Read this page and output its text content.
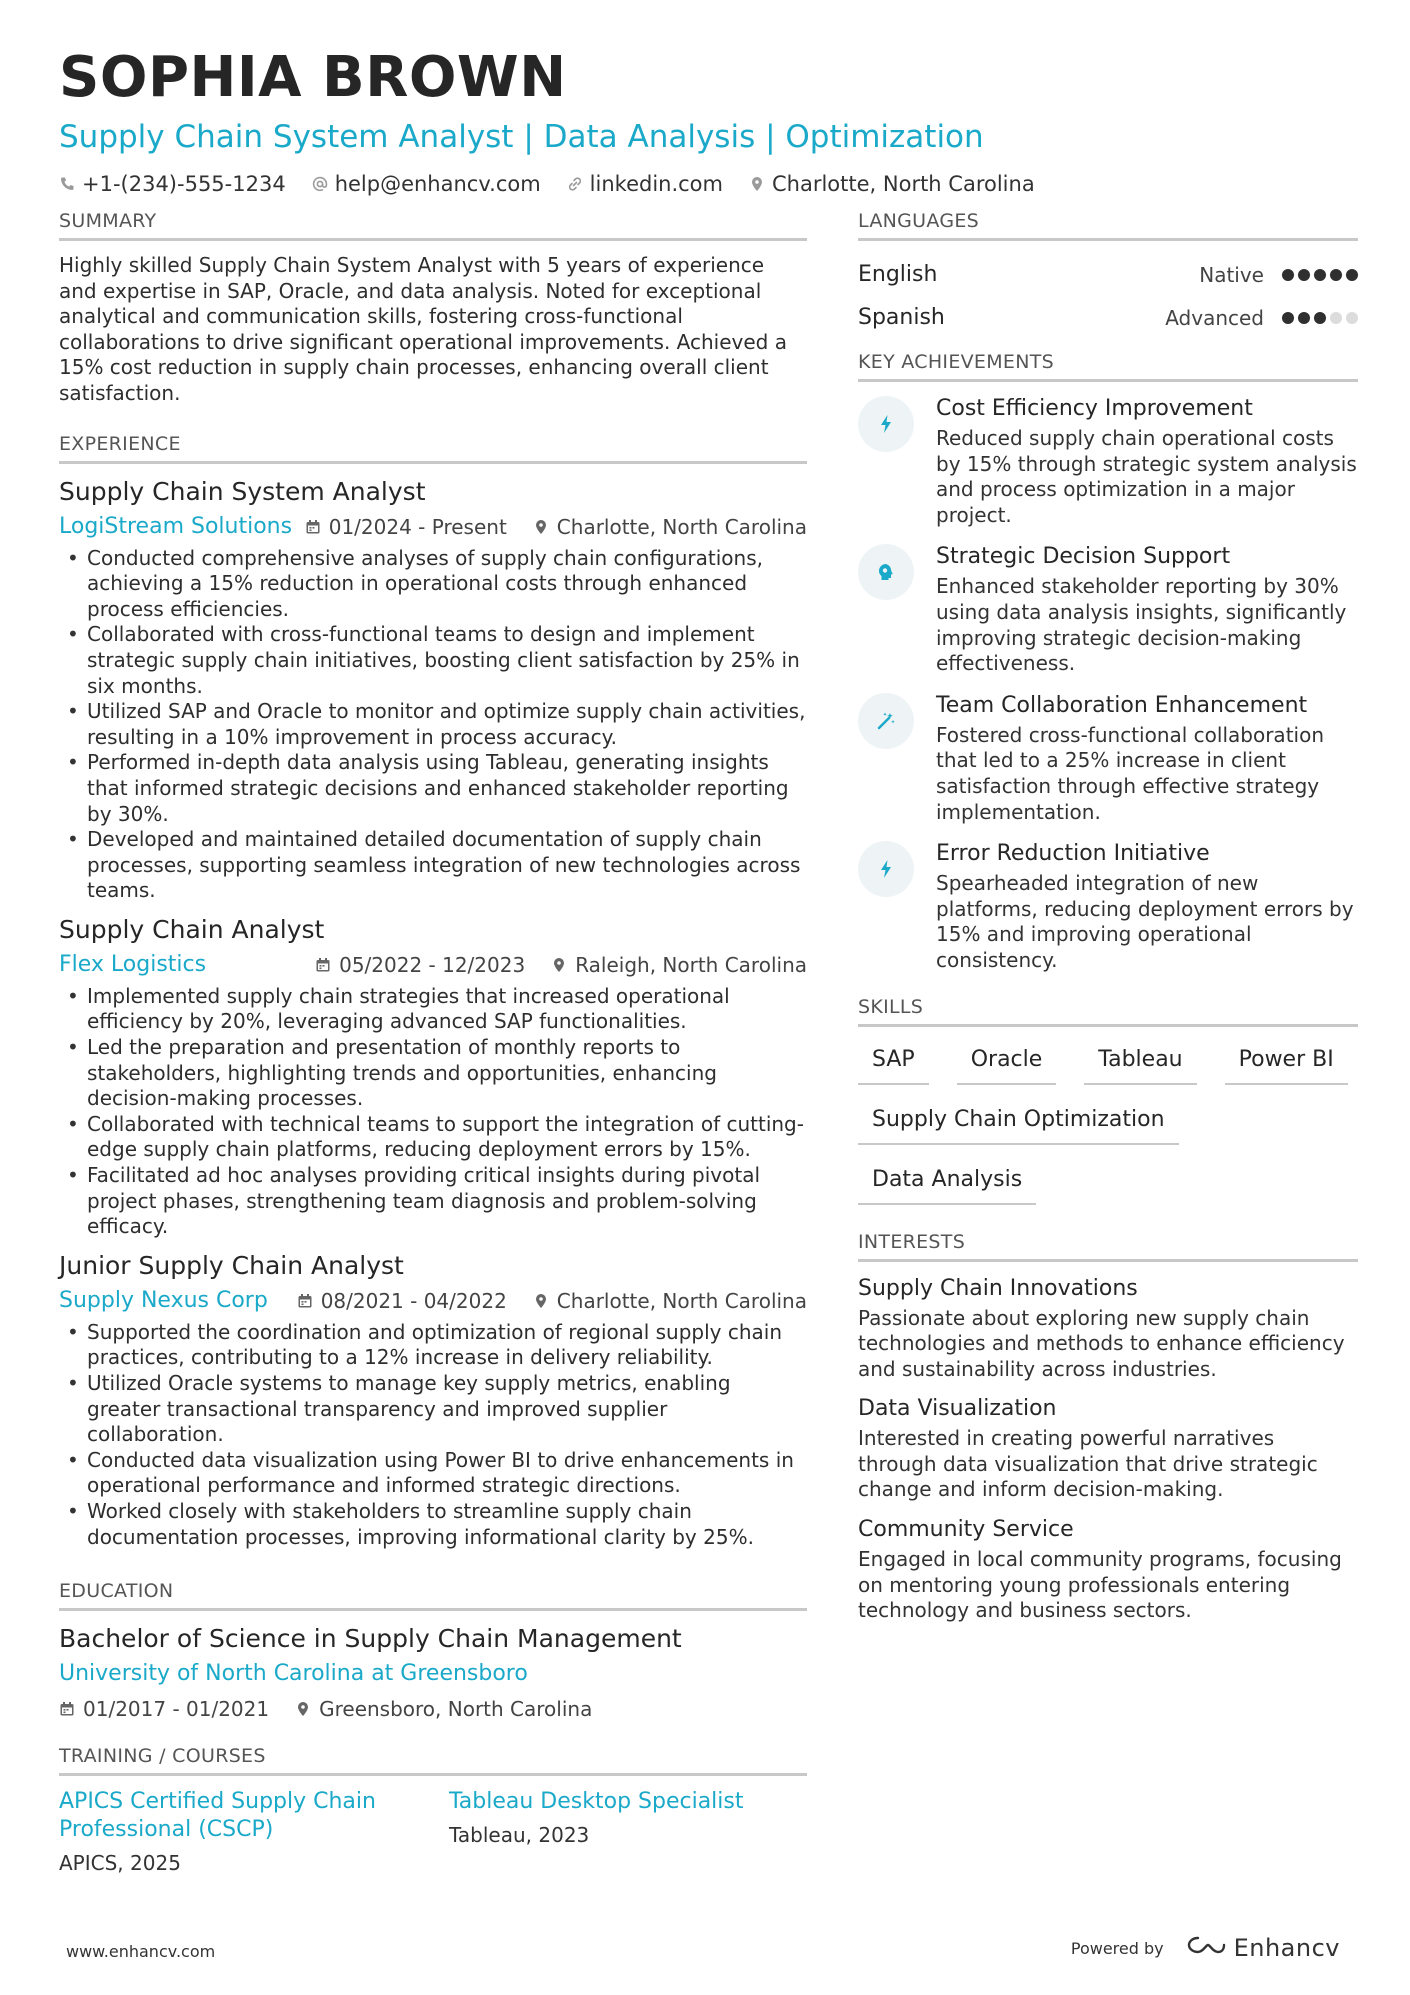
SOPHIA BROWN
Supply Chain System Analyst | Data Analysis | Optimization
+1-(234)-555-1234 help@enhancv.com linkedin.com Charlotte, North Carolina
SUMMARY
Highly skilled Supply Chain System Analyst with 5 years of experience and expertise in SAP, Oracle, and data analysis. Noted for exceptional analytical and communication skills, fostering cross-functional collaborations to drive significant operational improvements. Achieved a 15% cost reduction in supply chain processes, enhancing overall client satisfaction.
EXPERIENCE
Supply Chain System Analyst
LogiStream Solutions 01/2024 - Present	Charlotte, North Carolina
• Conducted comprehensive analyses of supply chain configurations, achieving a 15% reduction in operational costs through enhanced process efficiencies.
• Collaborated with cross-functional teams to design and implement strategic supply chain initiatives, boosting client satisfaction by 25% in six months.
• Utilized SAP and Oracle to monitor and optimize supply chain activities, resulting in a 10% improvement in process accuracy.
• Performed in-depth data analysis using Tableau, generating insights that informed strategic decisions and enhanced stakeholder reporting by 30%.
• Developed and maintained detailed documentation of supply chain processes, supporting seamless integration of new technologies across teams.
Supply Chain Analyst
Flex Logistics	05/2022 - 12/2023	Raleigh, North Carolina
• Implemented supply chain strategies that increased operational efficiency by 20%, leveraging advanced SAP functionalities.
• Led the preparation and presentation of monthly reports to stakeholders, highlighting trends and opportunities, enhancing decision-making processes.
• Collaborated with technical teams to support the integration of cutting-edge supply chain platforms, reducing deployment errors by 15%.
• Facilitated ad hoc analyses providing critical insights during pivotal project phases, strengthening team diagnosis and problem-solving efficacy.
Junior Supply Chain Analyst
Supply Nexus Corp	08/2021 - 04/2022	Charlotte, North Carolina
• Supported the coordination and optimization of regional supply chain practices, contributing to a 12% increase in delivery reliability.
• Utilized Oracle systems to manage key supply metrics, enabling greater transactional transparency and improved supplier collaboration.
• Conducted data visualization using Power BI to drive enhancements in operational performance and informed strategic directions.
• Worked closely with stakeholders to streamline supply chain documentation processes, improving informational clarity by 25%.
EDUCATION
Bachelor of Science in Supply Chain Management
University of North Carolina at Greensboro
01/2017 - 01/2021	Greensboro, North Carolina
TRAINING / COURSES
APICS Certified Supply Chain Professional (CSCP)
APICS, 2025
Tableau Desktop Specialist
Tableau, 2023
LANGUAGES
English	Native
Spanish	Advanced
KEY ACHIEVEMENTS
Cost Efficiency Improvement
Reduced supply chain operational costs by 15% through strategic system analysis and process optimization in a major project.
Strategic Decision Support
Enhanced stakeholder reporting by 30% using data analysis insights, significantly improving strategic decision-making effectiveness.
Team Collaboration Enhancement
Fostered cross-functional collaboration that led to a 25% increase in client satisfaction through effective strategy implementation.
Error Reduction Initiative
Spearheaded integration of new platforms, reducing deployment errors by 15% and improving operational consistency.
SKILLS
SAP	Oracle	Tableau	Power BI
Supply Chain Optimization
Data Analysis
INTERESTS
Supply Chain Innovations
Passionate about exploring new supply chain technologies and methods to enhance efficiency and sustainability across industries.
Data Visualization
Interested in creating powerful narratives through data visualization that drive strategic change and inform decision-making.
Community Service
Engaged in local community programs, focusing on mentoring young professionals entering technology and business sectors.
www.enhancv.com	Powered by	Enhancv
